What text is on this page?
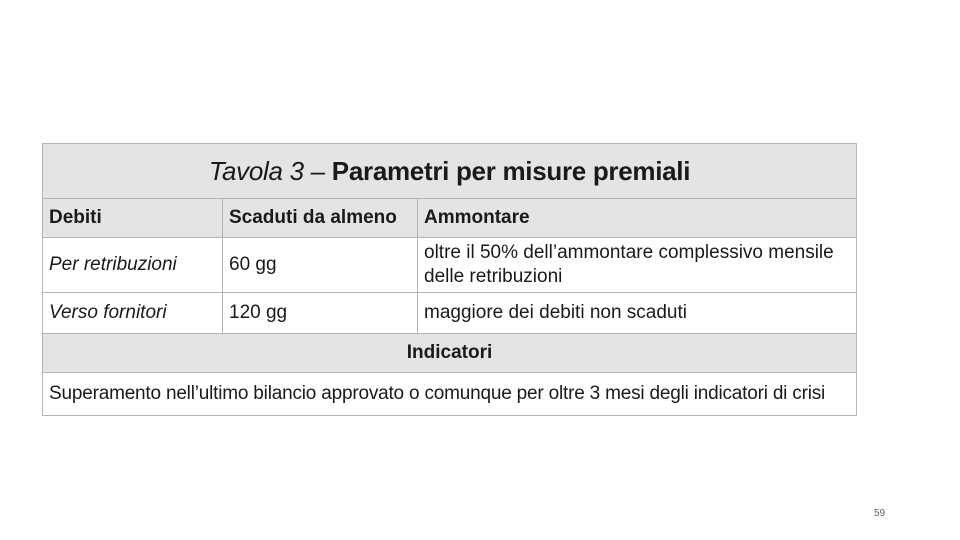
Tavola 3 – Parametri per misure premiali		
Debiti	Scaduti da almeno	Ammontare
Per retribuzioni	60 gg	oltre il 50% dell’ammontare complessivo mensile delle retribuzioni
Verso fornitori	120 gg	maggiore dei debiti non scaduti
Indicatori		
Superamento nell’ultimo bilancio approvato o comunque per oltre 3 mesi degli indicatori di crisi		
59
